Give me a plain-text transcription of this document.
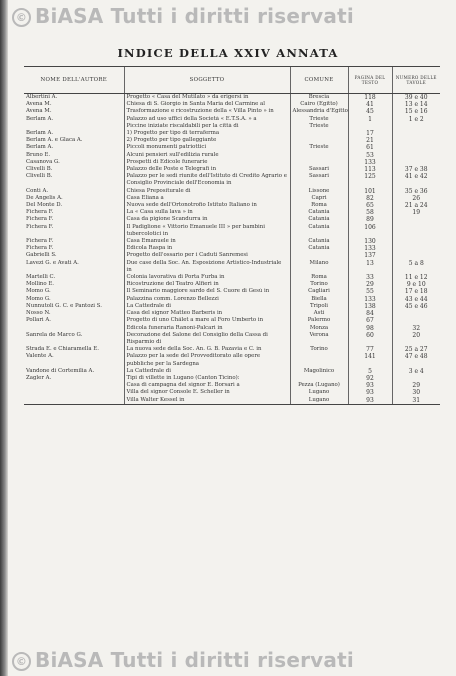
© BiASA Tutti i diritti riservati
INDICE DELLA XXIV ANNATA
NOME DELL'AUTORE	SOGGETTO	COMUNE	PAGINA DEL TESTO	NUMERO DELLE TAVOLE
Albertini A.	Progetto « Casa del Mutilato » da erigersi in	Brescia	118	39 e 40
Avena M.	Chiesa di S. Giorgio in Santa Maria del Carmine al	Cairo (Egitto)	41	13 e 14
Avena M.	Trasformazione e ricostruzione della « Villa Pinto » in	Alessandria d'Egitto	45	15 e 16
Berlam A.	Palazzo ad uso uffici della Società « E.T.S.A. » a	Trieste	1	1 e 2
	Piccine iniziate riscaldabili per la città di	Trieste		
Berlam A.	1) Progetto per tipo di terraferma		17	
Berlam A. e Glaca A.	2) Progetto per tipo galleggiante		21	
Berlam A.	Piccoli monumenti patriottici	Trieste	61	
Bruno E.	Alcuni pensieri sull'edilizia rurale		53	
Casanova G.	Prospetti di Edicole funerarie		133	
Clivelli B.	Palazzo delle Poste e Telegrafi in	Sassari	113	37 e 38
Clivelli B.	Palazzo per le sedi riunite dell'Istituto di Credito Agrario e Consiglio Provinciale dell'Economia in	Sassari	125	41 e 42
Conti A.	Chiesa Prepositurale di	Lissone	101	35 e 36
De Angelis A.	Casa Eliana a	Capri	82	26
Del Monte D.	Nuova sede dell'Ortonotrofio Istituto Italiano in	Roma	65	21 a 24
Fichera F.	La « Casa sulla lava » in	Catania	58	19
Fichera F.	Casa da pigione Scandurra in	Catania	89	
Fichera F.	Il Padiglione « Vittorio Emanuele III » per bambini tubercolotici in	Catania	106	
Fichera F.	Casa Emanuele in	Catania	130	
Fichera F.	Edicola Raspa in	Catania	133	
Gabrielli S.	Progetto dell'ossario per i Caduti Sanremesi		137	
Lavezi G. e Avati A.	Due case della Soc. An. Esposizione Artistico-Industriale in	Milano	13	5 a 8
Martelli C.	Colonia lavorativa di Porta Furba in	Roma	33	11 e 12
Mollino E.	Ricostruzione del Teatro Alfieri in	Torino	29	9 e 10
Momo G.	Il Seminario maggiore sardo del S. Cuore di Gesù in	Cagliari	55	17 e 18
Momo G.	Palazzina comm. Lorenzo Bellezzi	Biella	133	43 e 44
Nunnutoli G. C. e Pantozi S.	La Cattedrale di	Tripoli	138	45 e 46
Nosso N.	Casa del signor Matteo Barberis in	Asti	84	
Pollari A.	Progetto di uno Châlet a mare al Foro Umberto in	Palermo	67	
	Edicola funeraria Ranoni-Palcari in	Monza	98	32
Sanrela de Marco G.	Decorazione del Salone del Consiglio della Cassa di Risparmio di	Verona	60	20
Strada E. e Chiaramella E.	La nuova sede della Soc. An. G. B. Pazavia e C. in	Torino	77	25 a 27
Valente A.	Palazzo per la sede del Provveditorato alle opere pubbliche per la Sardegna		141	47 e 48
Vandone di Cortemilia A.	La Cattedrale di	Magolinico	5	3 e 4
Zagler A.	Tipi di villette in Lugano (Canton Ticino):		92	
	Casa di campagna del signor E. Borsari a	Pezza (Lugano)	93	29
	Villa del signor Console E. Scheller in	Lugano	93	30
	Villa Walter Kessel in	Lugano	93	31
© BiASA Tutti i diritti riservati
